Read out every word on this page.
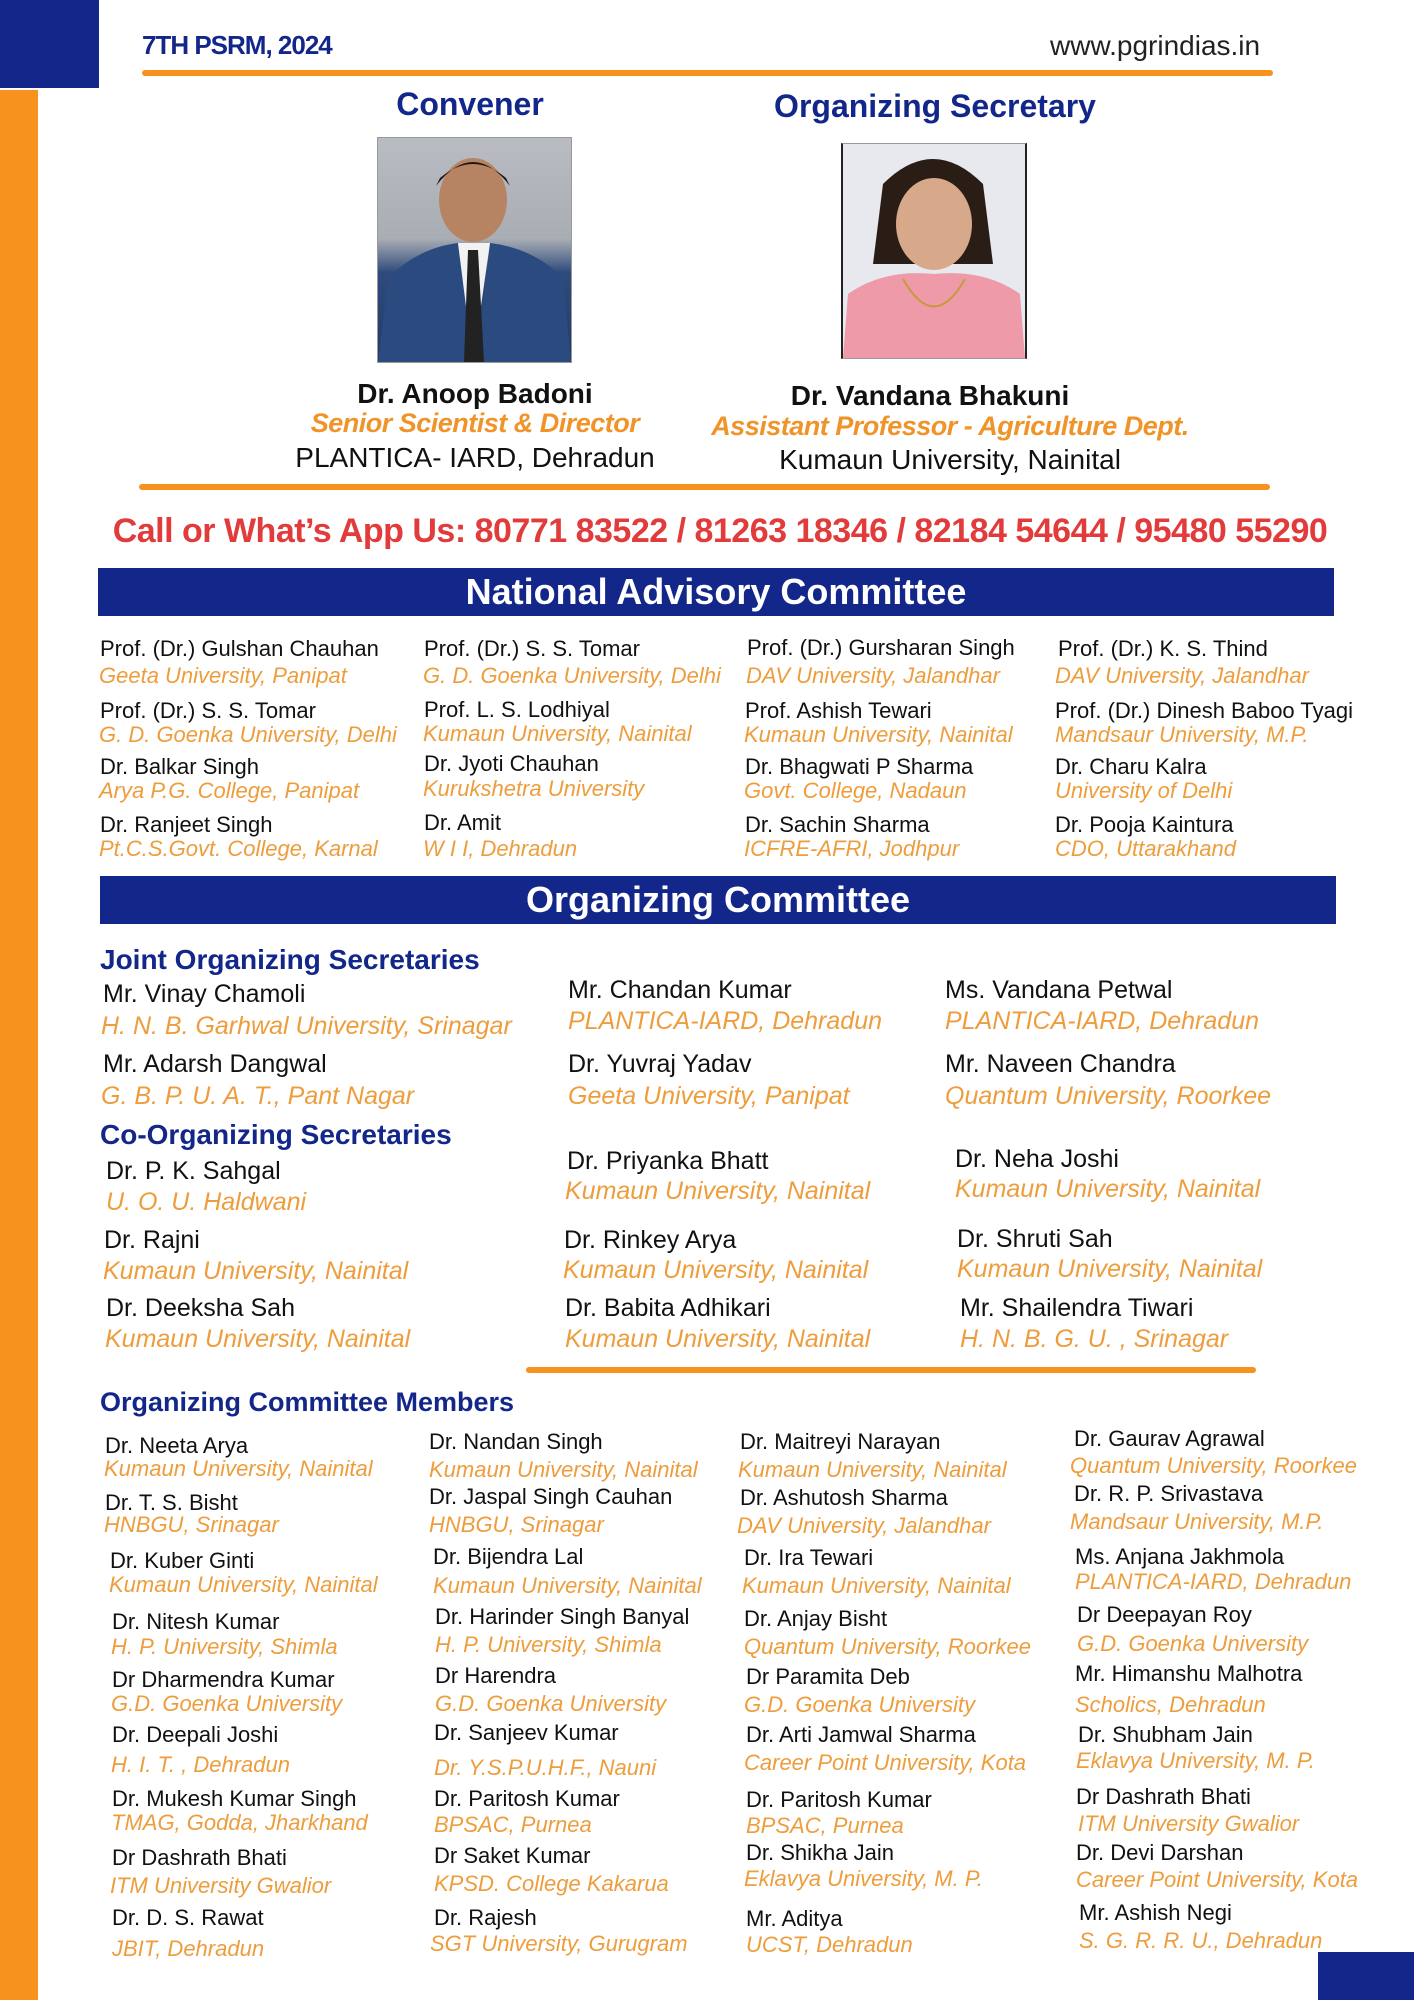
7TH PSRM, 2024	www.pgrindias.in
Convener	Organizing Secretary
Dr. Anoop Badoni
Senior Scientist & Director
PLANTICA- IARD, Dehradun
Dr. Vandana Bhakuni
Assistant Professor - Agriculture Dept.
Kumaun University, Nainital
Call or What’s App Us: 80771 83522 / 81263 18346 / 82184 54644 / 95480 55290
National Advisory Committee
Prof. (Dr.) Gulshan Chauhan
Geeta University, Panipat
Prof. (Dr.) S. S. Tomar
G. D. Goenka University, Delhi
Dr. Balkar Singh
Arya P.G. College, Panipat
Dr. Ranjeet Singh
Pt.C.S.Govt. College, Karnal
Prof. (Dr.) S. S. Tomar
G. D. Goenka University, Delhi
Prof. L. S. Lodhiyal
Kumaun University, Nainital
Dr. Jyoti Chauhan
Kurukshetra University
Dr. Amit
W I I, Dehradun
Prof. (Dr.) Gursharan Singh
DAV University, Jalandhar
Prof. Ashish Tewari
Kumaun University, Nainital
Dr. Bhagwati P Sharma
Govt. College, Nadaun
Dr. Sachin Sharma
ICFRE-AFRI, Jodhpur
Prof. (Dr.) K. S. Thind
DAV University, Jalandhar
Prof. (Dr.) Dinesh Baboo Tyagi
Mandsaur University, M.P.
Dr. Charu Kalra
University of Delhi
Dr. Pooja Kaintura
CDO, Uttarakhand
Organizing Committee
Joint Organizing Secretaries
Mr. Vinay Chamoli
H. N. B. Garhwal University, Srinagar
Mr. Adarsh Dangwal
G. B. P. U. A. T., Pant Nagar
Mr. Chandan Kumar
PLANTICA-IARD, Dehradun
Dr. Yuvraj Yadav
Geeta University, Panipat
Ms. Vandana Petwal
PLANTICA-IARD, Dehradun
Mr. Naveen Chandra
Quantum University, Roorkee
Co-Organizing Secretaries
Dr. P. K. Sahgal
U. O. U. Haldwani
Dr. Rajni
Kumaun University, Nainital
Dr. Deeksha Sah
Kumaun University, Nainital
Dr. Priyanka Bhatt
Kumaun University, Nainital
Dr. Rinkey Arya
Kumaun University, Nainital
Dr. Babita Adhikari
Kumaun University, Nainital
Dr. Neha Joshi
Kumaun University, Nainital
Dr. Shruti Sah
Kumaun University, Nainital
Mr. Shailendra Tiwari
H. N. B. G. U. , Srinagar
Organizing Committee Members
Dr. Neeta Arya
Kumaun University, Nainital
Dr. T. S. Bisht
HNBGU, Srinagar
Dr. Kuber Ginti
Kumaun University, Nainital
Dr. Nitesh Kumar
H. P. University, Shimla
Dr Dharmendra Kumar
G.D. Goenka University
Dr. Deepali Joshi
H. I. T. , Dehradun
Dr. Mukesh Kumar Singh
TMAG, Godda, Jharkhand
Dr Dashrath Bhati
ITM University Gwalior
Dr. D. S. Rawat
JBIT, Dehradun
Dr. Nandan Singh
Kumaun University, Nainital
Dr. Jaspal Singh Cauhan
HNBGU, Srinagar
Dr. Bijendra Lal
Kumaun University, Nainital
Dr. Harinder Singh Banyal
H. P. University, Shimla
Dr Harendra
G.D. Goenka University
Dr. Sanjeev Kumar
Dr. Y.S.P.U.H.F., Nauni
Dr. Paritosh Kumar
BPSAC, Purnea
Dr Saket Kumar
KPSD. College Kakarua
Dr. Rajesh
SGT University, Gurugram
Dr. Maitreyi Narayan
Kumaun University, Nainital
Dr. Ashutosh Sharma
DAV University, Jalandhar
Dr. Ira Tewari
Kumaun University, Nainital
Dr. Anjay Bisht
Quantum University, Roorkee
Dr Paramita Deb
G.D. Goenka University
Dr. Arti Jamwal Sharma
Career Point University, Kota
Dr. Paritosh Kumar
BPSAC, Purnea
Dr. Shikha Jain
Eklavya University, M. P.
Mr. Aditya
UCST, Dehradun
Dr. Gaurav Agrawal
Quantum University, Roorkee
Dr. R. P. Srivastava
Mandsaur University, M.P.
Ms. Anjana Jakhmola
PLANTICA-IARD, Dehradun
Dr Deepayan Roy
G.D. Goenka University
Mr. Himanshu Malhotra
Scholics, Dehradun
Dr. Shubham Jain
Eklavya University, M. P.
Dr Dashrath Bhati
ITM University Gwalior
Dr. Devi Darshan
Career Point University, Kota
Mr. Ashish Negi
S. G. R. R. U., Dehradun
